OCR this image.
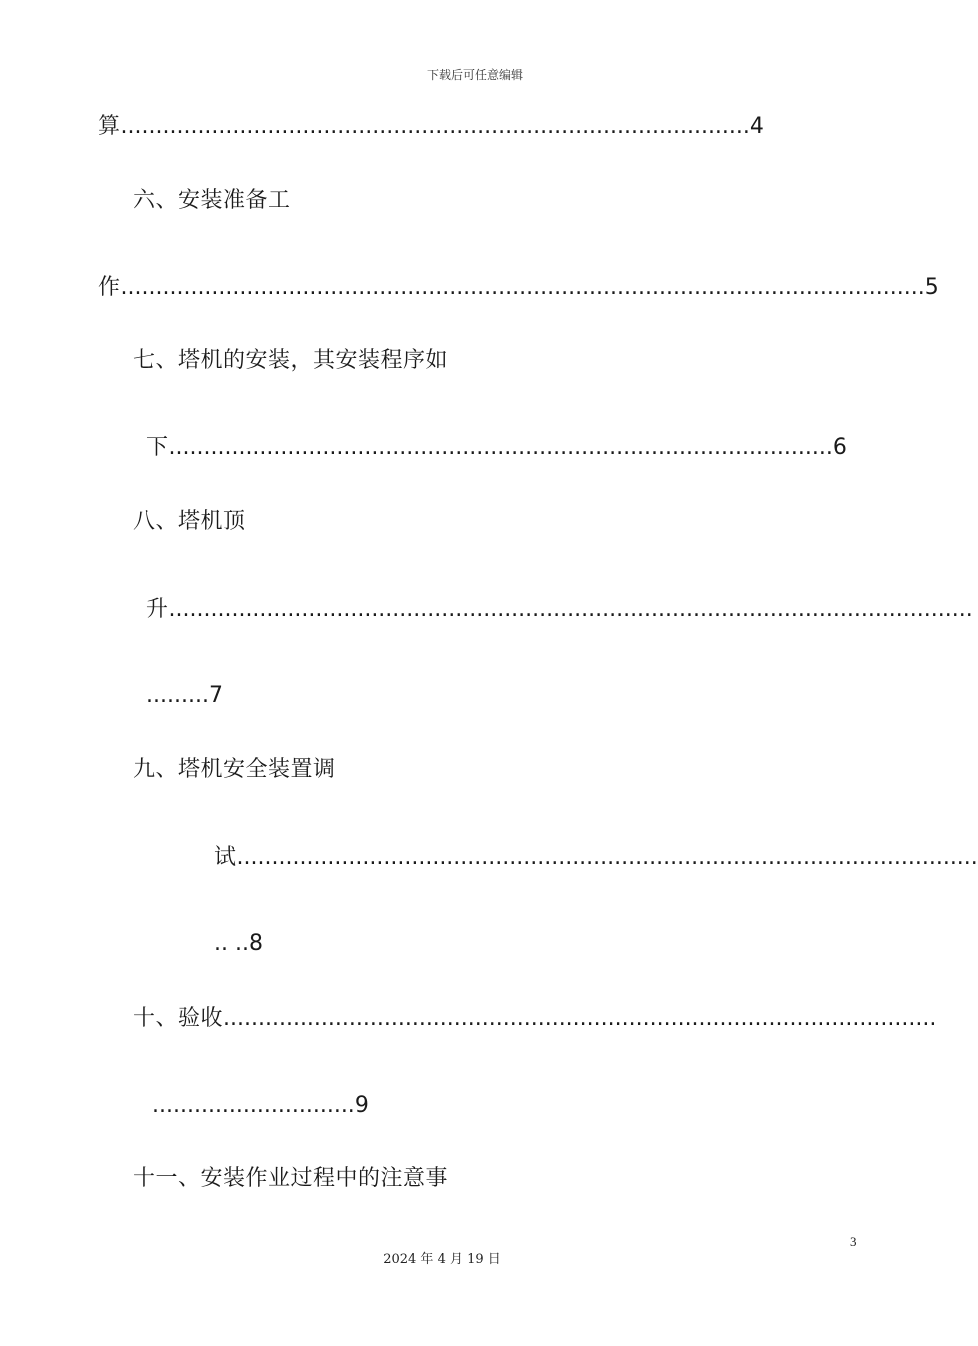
下载后可任意编辑
算..........................................................................................4
六、安装准备工
作...................................................................................................................5
七、塔机的安装，其安装程序如
下...............................................................................................6
八、塔机顶
升...................................................................................................................
.........7
九、塔机安全装置调
试..........................................................................................................
.. ..8
十、验收......................................................................................................
.............................9
十一、安装作业过程中的注意事
3
2024 年 4 月 19 日
